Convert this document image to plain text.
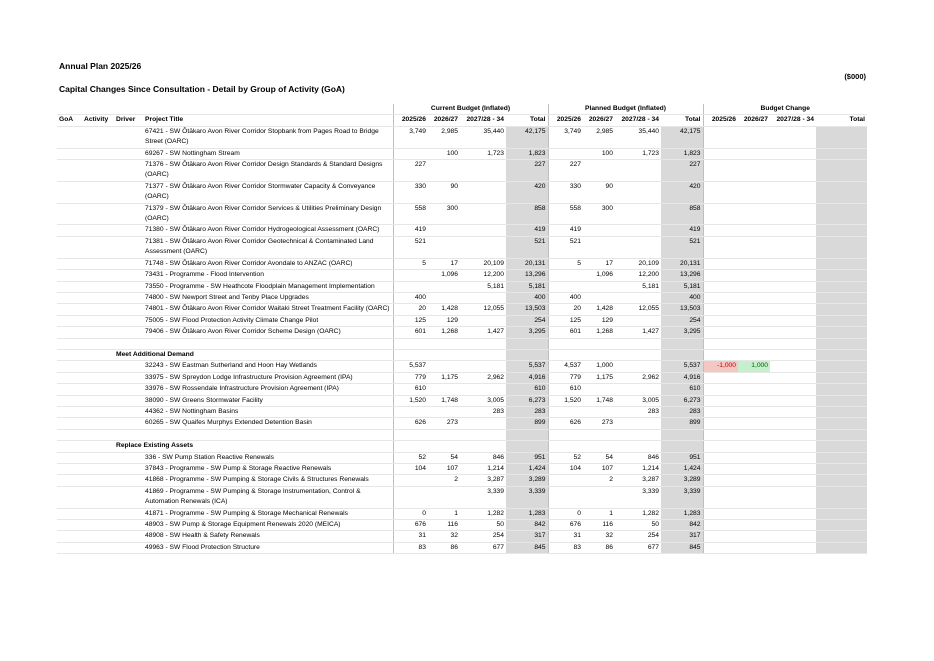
Annual Plan 2025/26
($000)
Capital Changes Since Consultation - Detail by Group of Activity (GoA)
				Current Budget (Inflated)				Planned Budget (Inflated)				Budget Change			
GoA	Activity	Driver	Project Title	2025/26	2026/27	2027/28 - 34	Total	2025/26	2026/27	2027/28 - 34	Total	2025/26	2026/27	2027/28 - 34	Total
			67421 - SW Ōtākaro Avon River Corridor Stopbank from Pages Road to Bridge Street (OARC)	3,749	2,985	35,440	42,175	3,749	2,985	35,440	42,175				
			69267 - SW Nottingham Stream		100	1,723	1,823		100	1,723	1,823				
			71376 - SW Ōtākaro Avon River Corridor Design Standards & Standard Designs (OARC)	227			227	227			227				
			71377 - SW Ōtākaro Avon River Corridor Stormwater Capacity & Conveyance (OARC)	330	90		420	330	90		420				
			71379 - SW Ōtākaro Avon River Corridor Services & Utilities Preliminary Design (OARC)	558	300		858	558	300		858				
			71380 - SW Ōtākaro Avon River Corridor Hydrogeological Assessment (OARC)	419			419	419			419				
			71381 - SW Ōtākaro Avon River Corridor Geotechnical & Contaminated Land Assessment (OARC)	521			521	521			521				
			71748 - SW Ōtākaro Avon River Corridor Avondale to ANZAC (OARC)	5	17	20,109	20,131	5	17	20,109	20,131				
			73431 - Programme - Flood Intervention		1,096	12,200	13,296		1,096	12,200	13,296				
			73550 - Programme - SW Heathcote Floodplain Management Implementation			5,181	5,181			5,181	5,181				
			74800 - SW Newport Street and Tenby Place Upgrades	400			400	400			400				
			74801 - SW Ōtākaro Avon River Corridor Waitaki Street Treatment Facility (OARC)	20	1,428	12,055	13,503	20	1,428	12,055	13,503				
			75005 - SW Flood Protection Activity Climate Change Pilot	125	129		254	125	129		254				
			79406 - SW Ōtākaro Avon River Corridor Scheme Design (OARC)	601	1,268	1,427	3,295	601	1,268	1,427	3,295				

		Meet Additional Demand													
			32243 - SW Eastman Sutherland and Hoon Hay Wetlands	5,537			5,537	4,537	1,000		5,537	-1,000	1,000		
			33975 - SW Spreydon Lodge Infrastructure Provision Agreement (IPA)	779	1,175	2,962	4,916	779	1,175	2,962	4,916				
			33976 - SW Rossendale Infrastructure Provision Agreement (IPA)	610			610	610			610				
			38090 - SW Greens Stormwater Facility	1,520	1,748	3,005	6,273	1,520	1,748	3,005	6,273				
			44362 - SW Nottingham Basins			283	283			283	283				
			60265 - SW Quaifes Murphys Extended Detention Basin	626	273		899	626	273		899				

		Replace Existing Assets													
			336 - SW Pump Station Reactive Renewals	52	54	846	951	52	54	846	951				
			37843 - Programme - SW Pump & Storage Reactive Renewals	104	107	1,214	1,424	104	107	1,214	1,424				
			41868 - Programme - SW Pumping & Storage Civils & Structures Renewals		2	3,287	3,289		2	3,287	3,289				
			41869 - Programme - SW Pumping & Storage Instrumentation, Control & Automation Renewals (ICA)			3,339	3,339			3,339	3,339				
			41871 - Programme - SW Pumping & Storage Mechanical Renewals	0	1	1,282	1,283	0	1	1,282	1,283				
			48903 - SW Pump & Storage Equipment Renewals 2020 (MEICA)	676	116	50	842	676	116	50	842				
			48908 - SW Health & Safety Renewals	31	32	254	317	31	32	254	317				
			49963 - SW Flood Protection Structure	83	86	677	845	83	86	677	845				
